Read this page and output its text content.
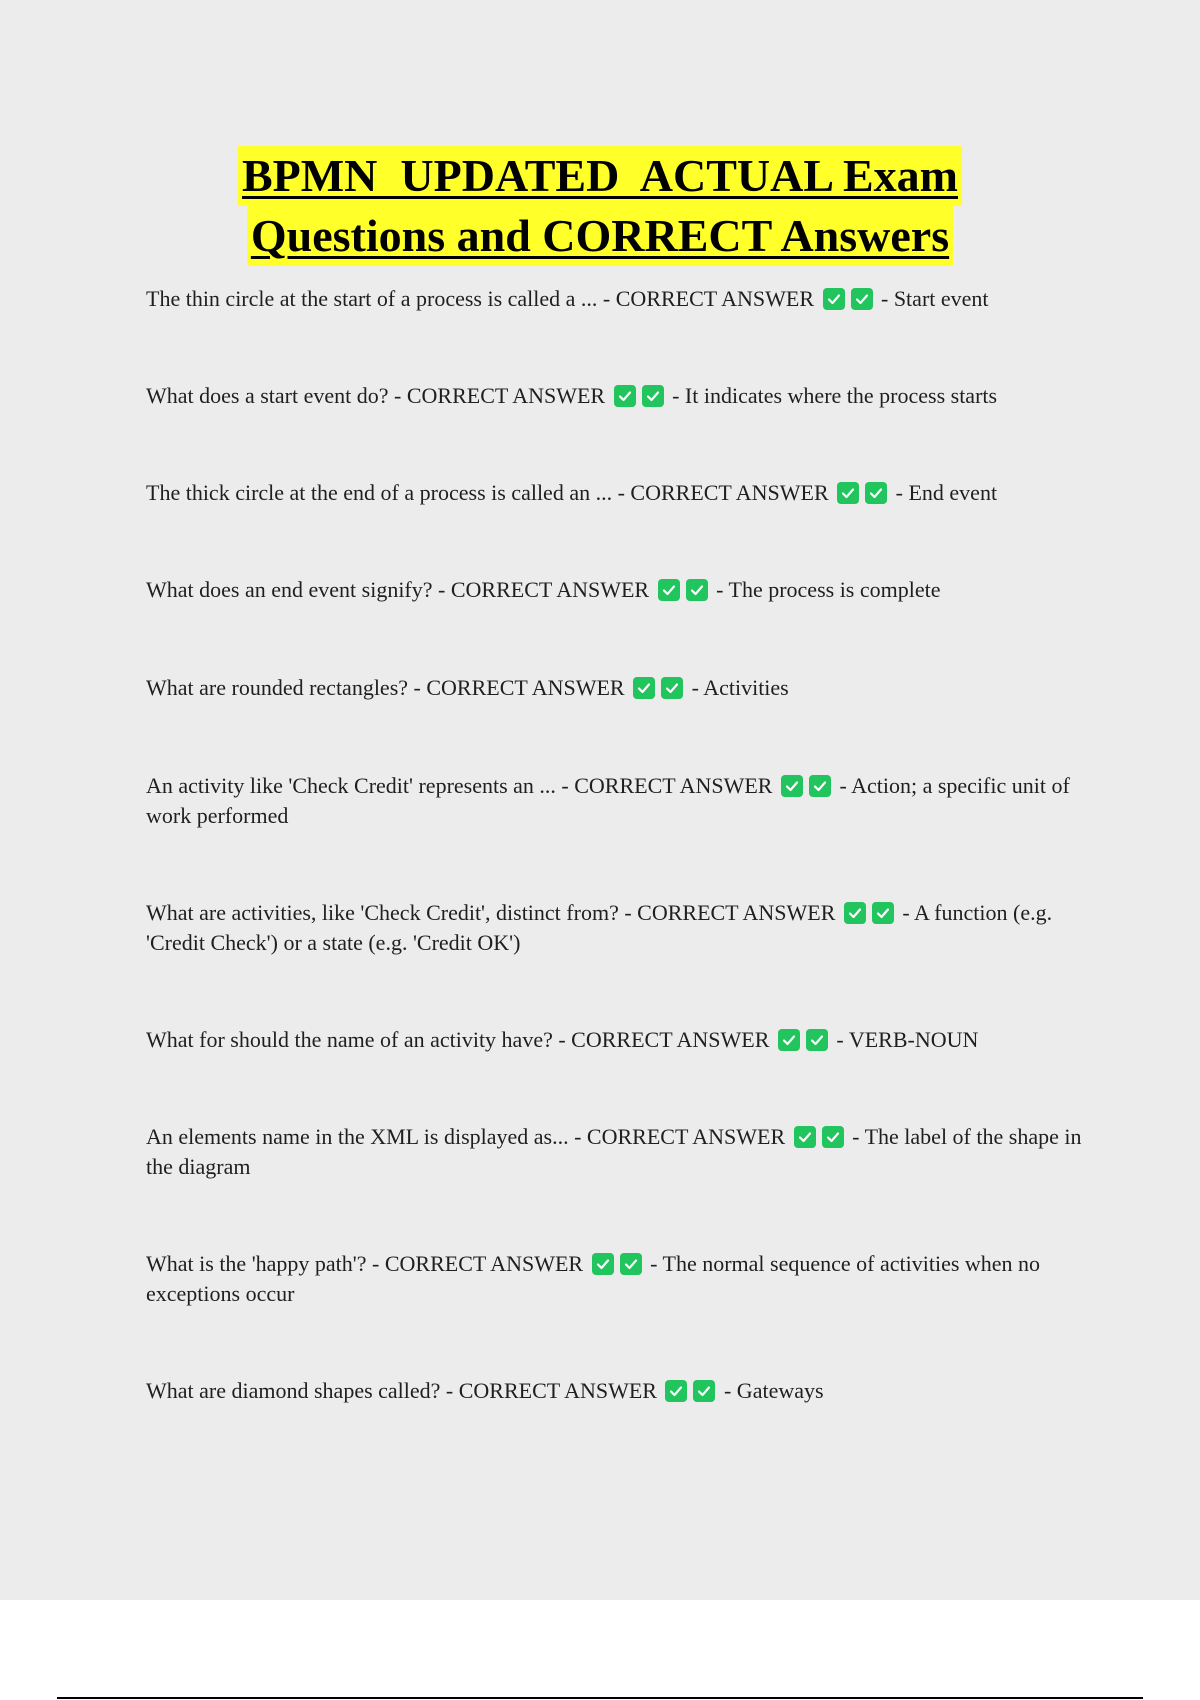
BPMN  UPDATED  ACTUAL Exam
Questions and CORRECT Answers
The thin circle at the start of a process is called a ... - CORRECT ANSWER	- Start event
What does a start event do? - CORRECT ANSWER	- It indicates where the process starts
The thick circle at the end of a process is called an ... - CORRECT ANSWER	- End event
What does an end event signify? - CORRECT ANSWER	- The process is complete
What are rounded rectangles? - CORRECT ANSWER	- Activities
An activity like 'Check Credit' represents an ... - CORRECT ANSWER	- Action; a specific unit of work performed
What are activities, like 'Check Credit', distinct from? - CORRECT ANSWER	- A function (e.g. 'Credit Check') or a state (e.g. 'Credit OK')
What for should the name of an activity have? - CORRECT ANSWER	- VERB-NOUN
An elements name in the XML is displayed as... - CORRECT ANSWER	- The label of the shape in the diagram
What is the 'happy path'? - CORRECT ANSWER	- The normal sequence of activities when no exceptions occur
What are diamond shapes called? - CORRECT ANSWER	- Gateways
